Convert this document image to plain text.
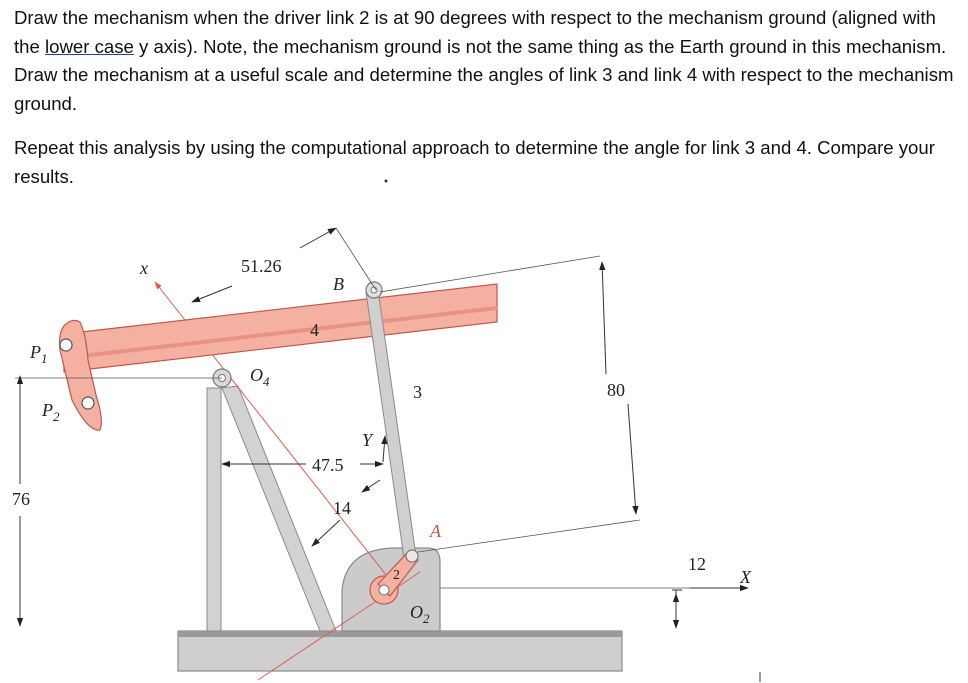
Draw the mechanism when the driver link 2 is at 90 degrees with respect to the mechanism ground (aligned with the lower case y axis). Note, the mechanism ground is not the same thing as the Earth ground in this mechanism. Draw the mechanism at a useful scale and determine the angles of link 3 and link 4 with respect to the mechanism ground.

Repeat this analysis by using the computational approach to determine the angle for link 3 and 4. Compare your results.

x	51.26
80
76
47.5
14
Y
12
X
B
A
4
3
2
$P_1$
$P_2$
$O_4$
$O_2$
